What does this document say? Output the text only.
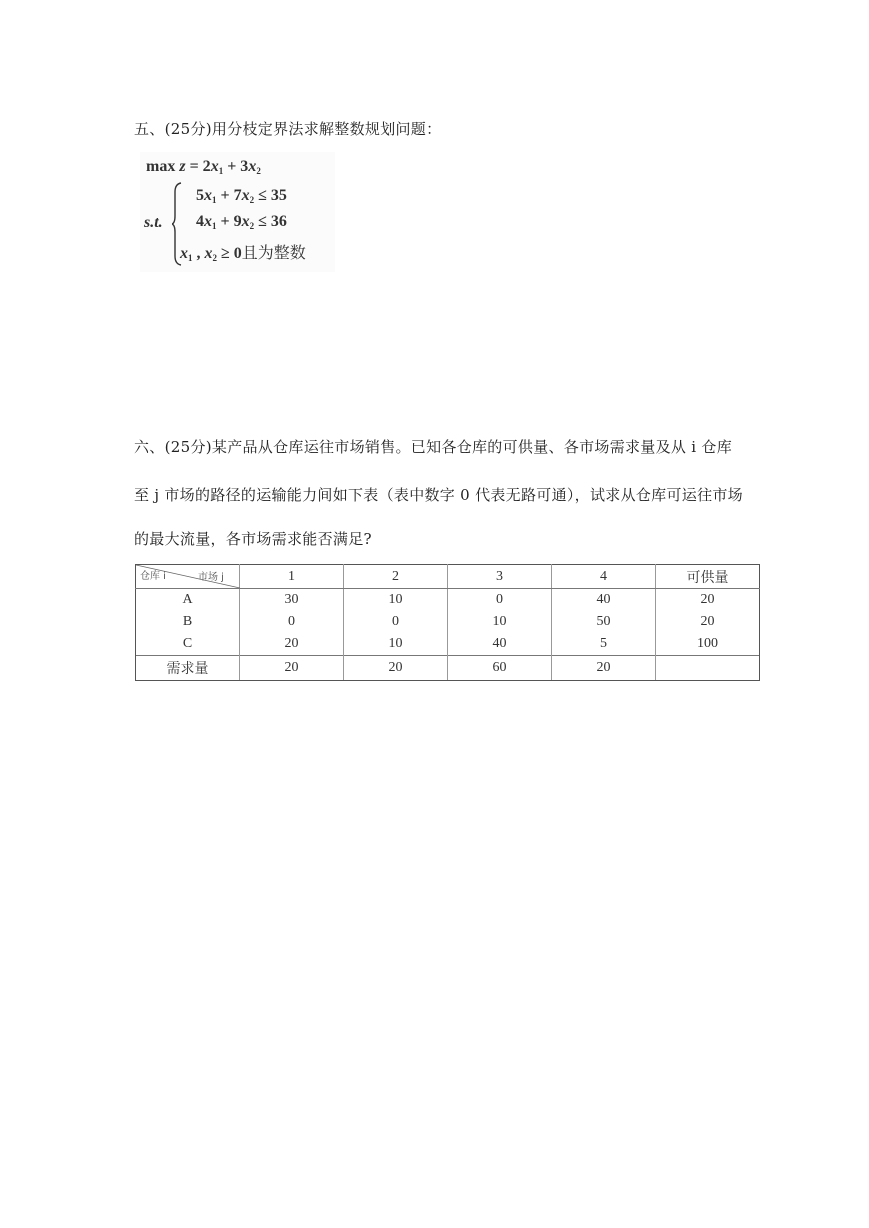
五、(25分)用分枝定界法求解整数规划问题：
$\max z = 2x_1 + 3x_2$
s.t.
$5x_1 + 7x_2 \le 35$
$4x_1 + 9x_2 \le 36$
$x_1$ , $x_2 \ge 0$且为整数
六、(25分)某产品从仓库运往市场销售。已知各仓库的可供量、各市场需求量及从 i 仓库
至 j 市场的路径的运输能力间如下表（表中数字 0 代表无路可通），试求从仓库可运往市场
的最大流量，各市场需求能否满足?
仓库 i 市场 j	1	2	3	4	可供量
A	30	10	0	40	20
B	0	0	10	50	20
C	20	10	40	5	100
需求量	20	20	60	20	
